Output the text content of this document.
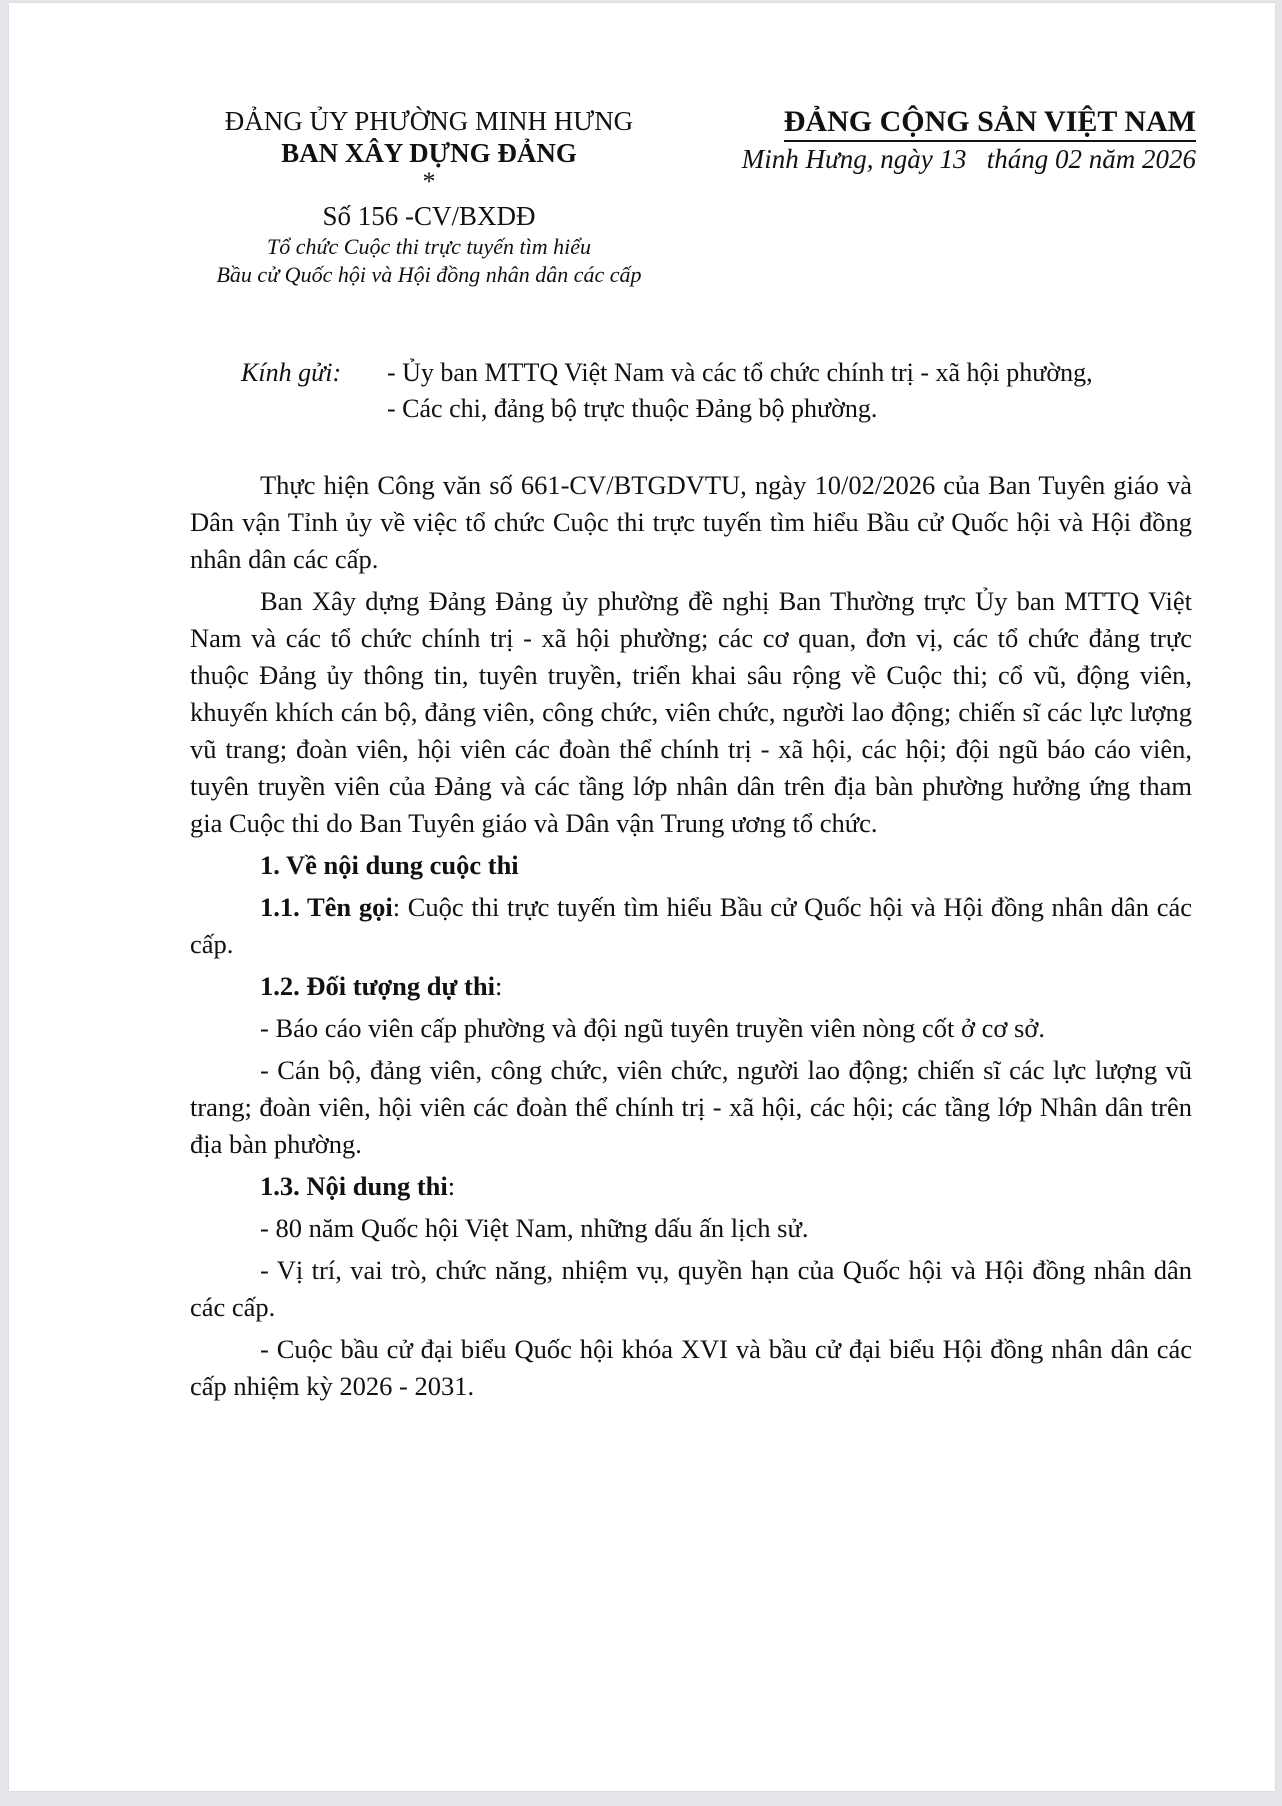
ĐẢNG ỦY PHƯỜNG MINH HƯNG
BAN XÂY DỰNG ĐẢNG
*
Số 156 -CV/BXDĐ
Tổ chức Cuộc thi trực tuyến tìm hiểu
Bầu cử Quốc hội và Hội đồng nhân dân các cấp
ĐẢNG CỘNG SẢN VIỆT NAM
Minh Hưng, ngày 13   tháng 02 năm 2026
Kính gửi:	- Ủy ban MTTQ Việt Nam và các tổ chức chính trị - xã hội phường,
- Các chi, đảng bộ trực thuộc Đảng bộ phường.

Thực hiện Công văn số 661-CV/BTGDVTU, ngày 10/02/2026 của Ban Tuyên giáo và Dân vận Tỉnh ủy về việc tổ chức Cuộc thi trực tuyến tìm hiểu Bầu cử Quốc hội và Hội đồng nhân dân các cấp.

Ban Xây dựng Đảng Đảng ủy phường đề nghị Ban Thường trực Ủy ban MTTQ Việt Nam và các tổ chức chính trị - xã hội phường; các cơ quan, đơn vị, các tổ chức đảng trực thuộc Đảng ủy thông tin, tuyên truyền, triển khai sâu rộng về Cuộc thi; cổ vũ, động viên, khuyến khích cán bộ, đảng viên, công chức, viên chức, người lao động; chiến sĩ các lực lượng vũ trang; đoàn viên, hội viên các đoàn thể chính trị - xã hội, các hội; đội ngũ báo cáo viên, tuyên truyền viên của Đảng và các tầng lớp nhân dân trên địa bàn phường hưởng ứng tham gia Cuộc thi do Ban Tuyên giáo và Dân vận Trung ương tổ chức.

1. Về nội dung cuộc thi

1.1. Tên gọi: Cuộc thi trực tuyến tìm hiểu Bầu cử Quốc hội và Hội đồng nhân dân các cấp.

1.2. Đối tượng dự thi:

- Báo cáo viên cấp phường và đội ngũ tuyên truyền viên nòng cốt ở cơ sở.

- Cán bộ, đảng viên, công chức, viên chức, người lao động; chiến sĩ các lực lượng vũ trang; đoàn viên, hội viên các đoàn thể chính trị - xã hội, các hội; các tầng lớp Nhân dân trên địa bàn phường.

1.3. Nội dung thi:

- 80 năm Quốc hội Việt Nam, những dấu ấn lịch sử.

- Vị trí, vai trò, chức năng, nhiệm vụ, quyền hạn của Quốc hội và Hội đồng nhân dân các cấp.

- Cuộc bầu cử đại biểu Quốc hội khóa XVI và bầu cử đại biểu Hội đồng nhân dân các cấp nhiệm kỳ 2026 - 2031.
